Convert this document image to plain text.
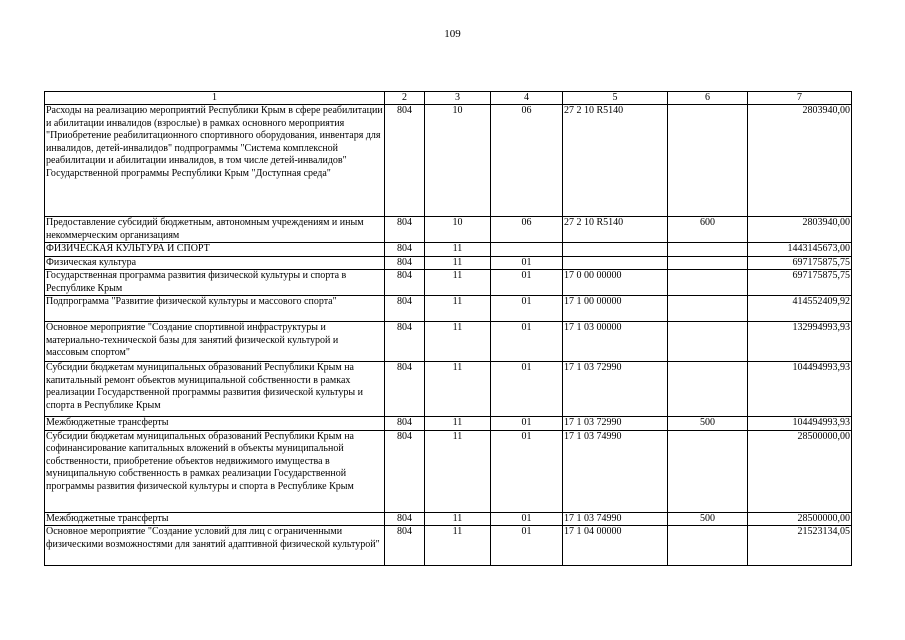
109
1	2	3	4	5	6	7
Расходы на реализацию мероприятий Республики Крым в сфере реабилитации и абилитации инвалидов (взрослые) в рамках основного мероприятия "Приобретение реабилитационного спортивного оборудования, инвентаря для инвалидов, детей-инвалидов" подпрограммы "Система комплексной реабилитации и абилитации инвалидов, в том числе детей-инвалидов" Государственной программы Республики Крым "Доступная среда"	804	10	06	27 2 10 R5140		2803940,00
Предоставление субсидий бюджетным, автономным учреждениям и иным некоммерческим организациям	804	10	06	27 2 10 R5140	600	2803940,00
ФИЗИЧЕСКАЯ КУЛЬТУРА И СПОРТ	804	11				1443145673,00
Физическая культура	804	11	01			697175875,75
Государственная программа развития физической культуры и спорта в Республике Крым	804	11	01	17 0 00 00000		697175875,75
Подпрограмма "Развитие физической культуры и массового спорта"	804	11	01	17 1 00 00000		414552409,92
Основное мероприятие "Создание спортивной инфраструктуры и материально-технической базы для занятий физической культурой и массовым спортом"	804	11	01	17 1 03 00000		132994993,93
Субсидии бюджетам муниципальных образований Республики Крым на капитальный ремонт объектов муниципальной собственности в рамках реализации Государственной программы развития физической культуры и спорта в Республике Крым	804	11	01	17 1 03 72990		104494993,93
Межбюджетные трансферты	804	11	01	17 1 03 72990	500	104494993,93
Субсидии бюджетам муниципальных образований Республики Крым на софинансирование капитальных вложений в объекты муниципальной собственности, приобретение объектов недвижимого имущества в муниципальную собственность в рамках реализации Государственной программы развития физической культуры и спорта в Республике Крым	804	11	01	17 1 03 74990		28500000,00
Межбюджетные трансферты	804	11	01	17 1 03 74990	500	28500000,00
Основное мероприятие "Создание условий для лиц с ограниченными физическими возможностями для занятий адаптивной физической культурой"	804	11	01	17 1 04 00000		21523134,05
